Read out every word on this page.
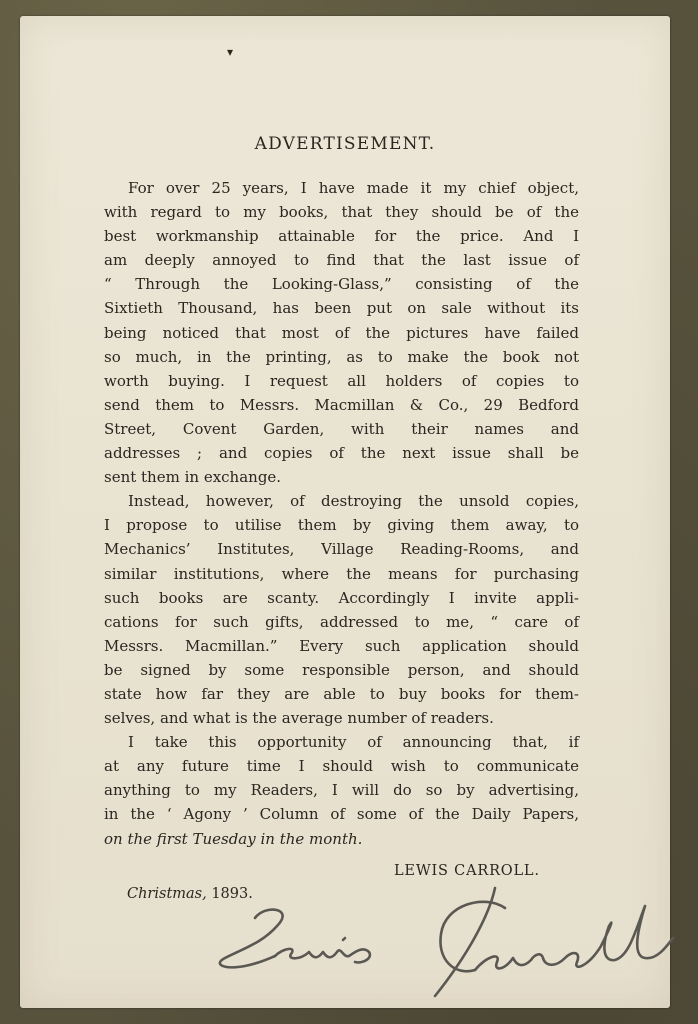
▾
ADVERTISEMENT.

For over 25 years, I have made it my chief object,
with regard to my books, that they should be of the
best workmanship attainable for the price. And I
am deeply annoyed to find that the last issue of
“ Through the Looking-Glass,” consisting of the
Sixtieth Thousand, has been put on sale without its
being noticed that most of the pictures have failed
so much, in the printing, as to make the book not
worth buying. I request all holders of copies to
send them to Messrs. Macmillan & Co., 29 Bedford
Street, Covent Garden, with their names and
addresses ; and copies of the next issue shall be
sent them in exchange.

Instead, however, of destroying the unsold copies,
I propose to utilise them by giving them away, to
Mechanics’ Institutes, Village Reading-Rooms, and
similar institutions, where the means for purchasing
such books are scanty. Accordingly I invite appli-
cations for such gifts, addressed to me, “ care of
Messrs. Macmillan.” Every such application should
be signed by some responsible person, and should
state how far they are able to buy books for them-
selves, and what is the average number of readers.

I take this opportunity of announcing that, if
at any future time I should wish to communicate
anything to my Readers, I will do so by advertising,
in the ‘ Agony ’ Column of some of the Daily Papers,
on the first Tuesday in the month.

LEWIS CARROLL.
Christmas, 1893.
